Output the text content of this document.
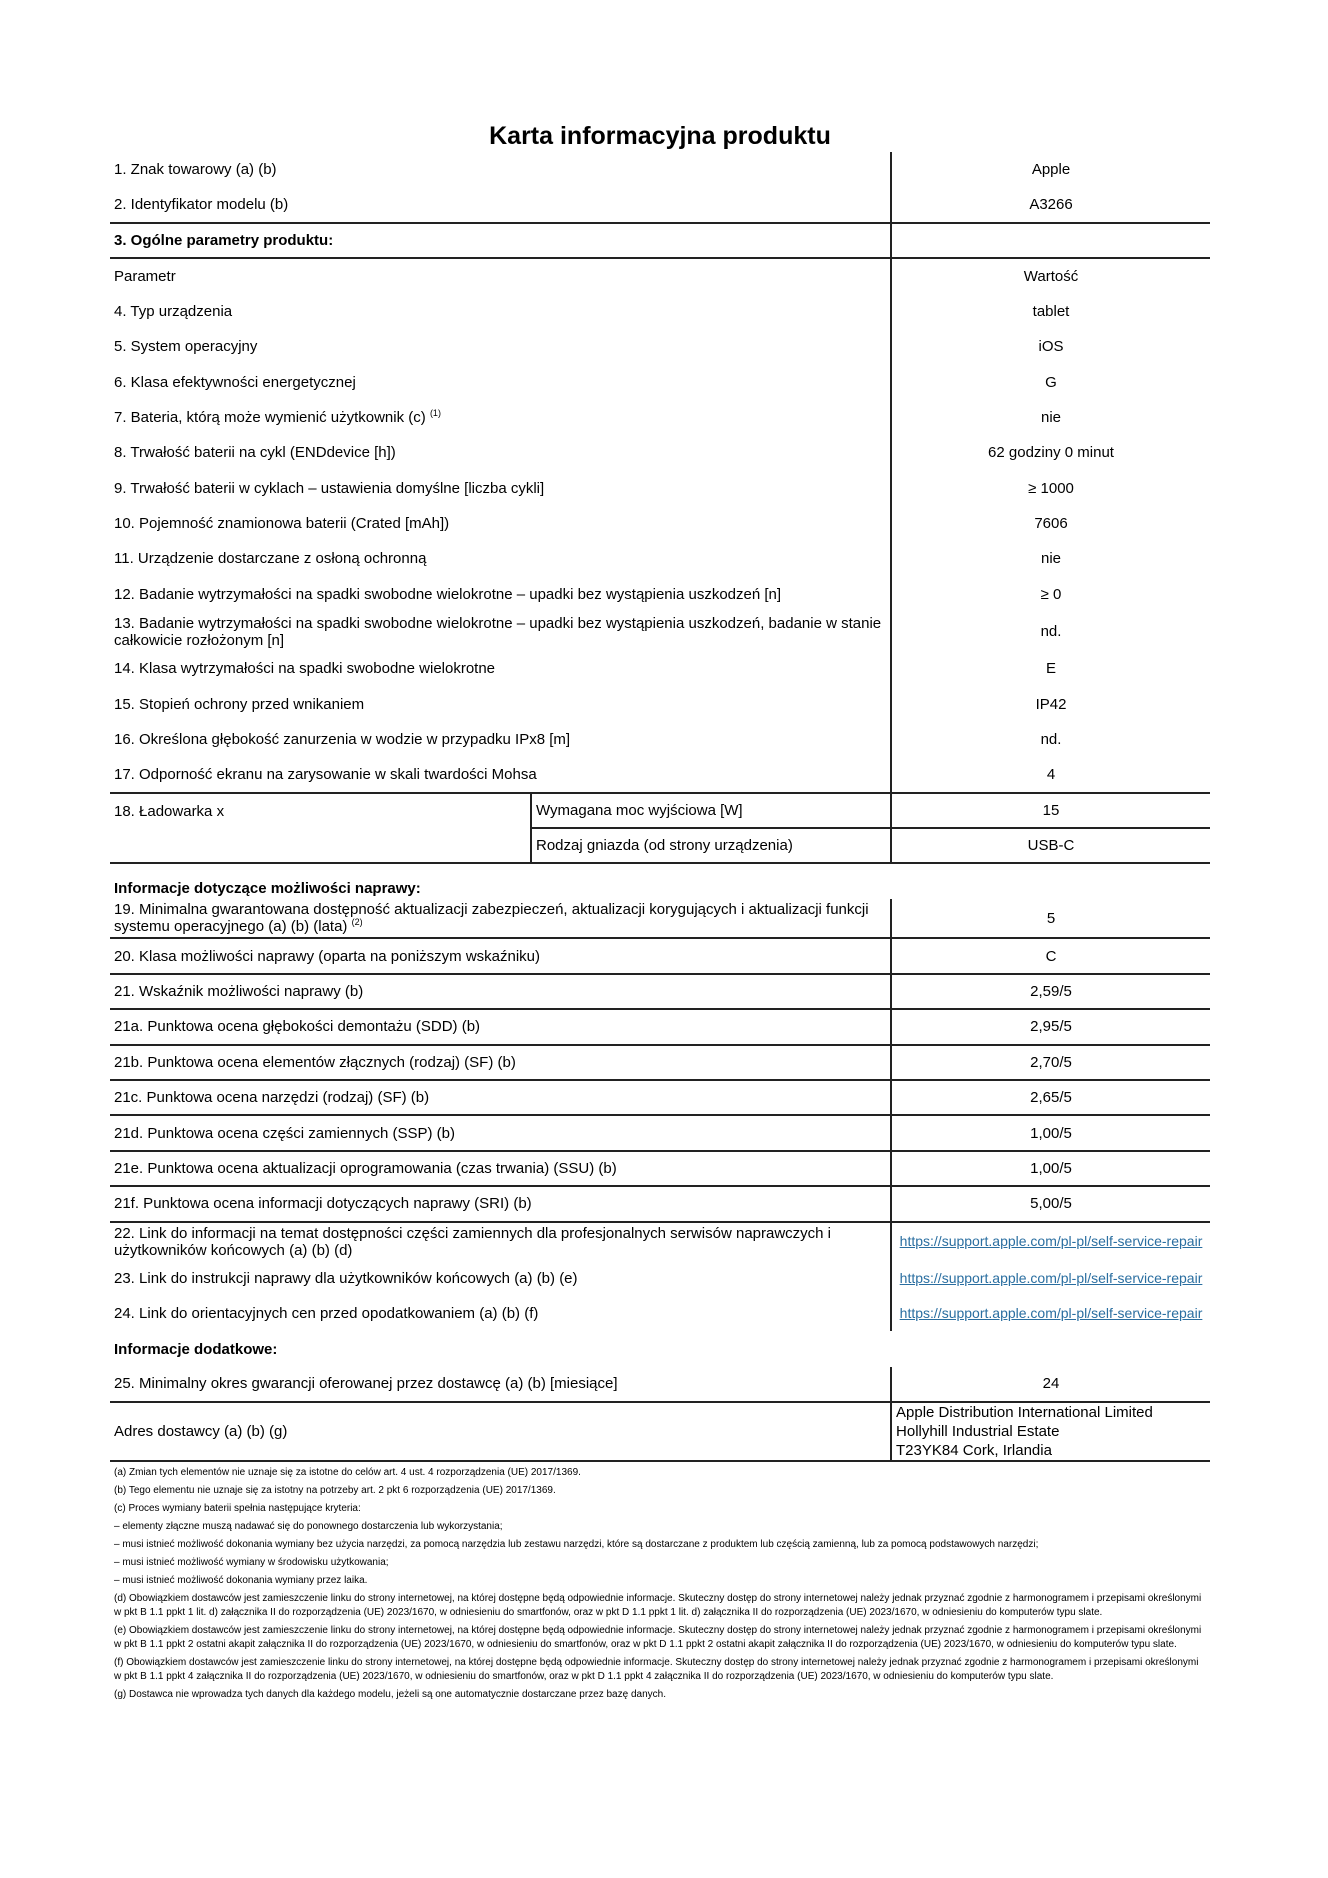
Karta informacyjna produktu
1. Znak towarowy (a) (b)		Apple
2. Identyfikator modelu (b)		A3266
3. Ogólne parametry produktu:		
Parametr		Wartość
4. Typ urządzenia		tablet
5. System operacyjny		iOS
6. Klasa efektywności energetycznej		G
7. Bateria, którą może wymienić użytkownik (c) $^{(1)}$		nie
8. Trwałość baterii na cykl (ENDdevice [h])		62 godziny 0 minut
9. Trwałość baterii w cyklach – ustawienia domyślne [liczba cykli]		≥ 1000
10. Pojemność znamionowa baterii (Crated [mAh])		7606
11. Urządzenie dostarczane z osłoną ochronną		nie
12. Badanie wytrzymałości na spadki swobodne wielokrotne – upadki bez wystąpienia uszkodzeń [n]		≥ 0
13. Badanie wytrzymałości na spadki swobodne wielokrotne – upadki bez wystąpienia uszkodzeń, badanie w stanie całkowicie rozłożonym [n]		nd.
14. Klasa wytrzymałości na spadki swobodne wielokrotne		E
15. Stopień ochrony przed wnikaniem		IP42
16. Określona głębokość zanurzenia w wodzie w przypadku IPx8 [m]		nd.
17. Odporność ekranu na zarysowanie w skali twardości Mohsa		4
18. Ładowarka x	Wymagana moc wyjściowa [W]	15
	Rodzaj gniazda (od strony urządzenia)	USB-C
Informacje dotyczące możliwości naprawy:		
19. Minimalna gwarantowana dostępność aktualizacji zabezpieczeń, aktualizacji korygujących i aktualizacji funkcji systemu operacyjnego (a) (b) (lata) $^{(2)}$		5
20. Klasa możliwości naprawy (oparta na poniższym wskaźniku)		C
21. Wskaźnik możliwości naprawy (b)		2,59/5
21a. Punktowa ocena głębokości demontażu (SDD) (b)		2,95/5
21b. Punktowa ocena elementów złącznych (rodzaj) (SF) (b)		2,70/5
21c. Punktowa ocena narzędzi (rodzaj) (SF) (b)		2,65/5
21d. Punktowa ocena części zamiennych (SSP) (b)		1,00/5
21e. Punktowa ocena aktualizacji oprogramowania (czas trwania) (SSU) (b)		1,00/5
21f. Punktowa ocena informacji dotyczących naprawy (SRI) (b)		5,00/5
22. Link do informacji na temat dostępności części zamiennych dla profesjonalnych serwisów naprawczych i użytkowników końcowych (a) (b) (d)		https://support.apple.com/pl-pl/self-service-repair
23. Link do instrukcji naprawy dla użytkowników końcowych (a) (b) (e)		https://support.apple.com/pl-pl/self-service-repair
24. Link do orientacyjnych cen przed opodatkowaniem (a) (b) (f)		https://support.apple.com/pl-pl/self-service-repair
Informacje dodatkowe:		
25. Minimalny okres gwarancji oferowanej przez dostawcę (a) (b) [miesiące]		24
Adres dostawcy (a) (b) (g)		Apple Distribution International Limited
Hollyhill Industrial Estate
T23YK84 Cork, Irlandia
(a) Zmian tych elementów nie uznaje się za istotne do celów art. 4 ust. 4 rozporządzenia (UE) 2017/1369.
(b) Tego elementu nie uznaje się za istotny na potrzeby art. 2 pkt 6 rozporządzenia (UE) 2017/1369.
(c) Proces wymiany baterii spełnia następujące kryteria:
– elementy złączne muszą nadawać się do ponownego dostarczenia lub wykorzystania;
– musi istnieć możliwość dokonania wymiany bez użycia narzędzi, za pomocą narzędzia lub zestawu narzędzi, które są dostarczane z produktem lub częścią zamienną, lub za pomocą podstawowych narzędzi;
– musi istnieć możliwość wymiany w środowisku użytkowania;
– musi istnieć możliwość dokonania wymiany przez laika.
(d) Obowiązkiem dostawców jest zamieszczenie linku do strony internetowej, na której dostępne będą odpowiednie informacje. Skuteczny dostęp do strony internetowej należy jednak przyznać zgodnie z harmonogramem i przepisami określonymi w pkt B 1.1 ppkt 1 lit. d) załącznika II do rozporządzenia (UE) 2023/1670, w odniesieniu do smartfonów, oraz w pkt D 1.1 ppkt 1 lit. d) załącznika II do rozporządzenia (UE) 2023/1670, w odniesieniu do komputerów typu slate.
(e) Obowiązkiem dostawców jest zamieszczenie linku do strony internetowej, na której dostępne będą odpowiednie informacje. Skuteczny dostęp do strony internetowej należy jednak przyznać zgodnie z harmonogramem i przepisami określonymi w pkt B 1.1 ppkt 2 ostatni akapit załącznika II do rozporządzenia (UE) 2023/1670, w odniesieniu do smartfonów, oraz w pkt D 1.1 ppkt 2 ostatni akapit załącznika II do rozporządzenia (UE) 2023/1670, w odniesieniu do komputerów typu slate.
(f) Obowiązkiem dostawców jest zamieszczenie linku do strony internetowej, na której dostępne będą odpowiednie informacje. Skuteczny dostęp do strony internetowej należy jednak przyznać zgodnie z harmonogramem i przepisami określonymi w pkt B 1.1 ppkt 4 załącznika II do rozporządzenia (UE) 2023/1670, w odniesieniu do smartfonów, oraz w pkt D 1.1 ppkt 4 załącznika II do rozporządzenia (UE) 2023/1670, w odniesieniu do komputerów typu slate.
(g) Dostawca nie wprowadza tych danych dla każdego modelu, jeżeli są one automatycznie dostarczane przez bazę danych.
